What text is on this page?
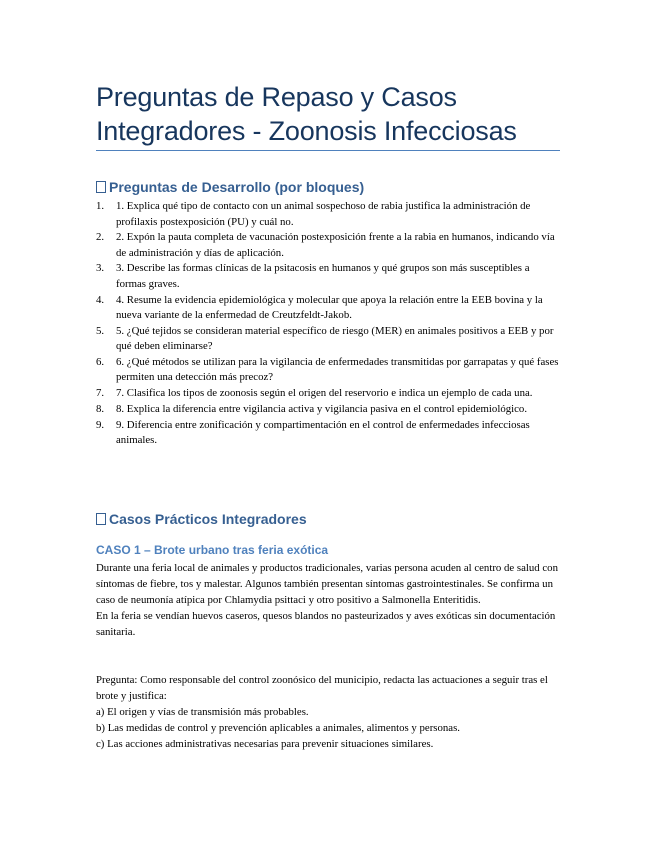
Preguntas de Repaso y Casos
Integradores - Zoonosis Infecciosas
Preguntas de Desarrollo (por bloques)
1. 1. Explica qué tipo de contacto con un animal sospechoso de rabia justifica la administración de profilaxis postexposición (PU) y cuál no.
2. 2. Expón la pauta completa de vacunación postexposición frente a la rabia en humanos, indicando vía de administración y días de aplicación.
3. 3. Describe las formas clínicas de la psitacosis en humanos y qué grupos son más susceptibles a formas graves.
4. 4. Resume la evidencia epidemiológica y molecular que apoya la relación entre la EEB bovina y la nueva variante de la enfermedad de Creutzfeldt-Jakob.
5. 5. ¿Qué tejidos se consideran material específico de riesgo (MER) en animales positivos a EEB y por qué deben eliminarse?
6. 6. ¿Qué métodos se utilizan para la vigilancia de enfermedades transmitidas por garrapatas y qué fases permiten una detección más precoz?
7. 7. Clasifica los tipos de zoonosis según el origen del reservorio e indica un ejemplo de cada una.
8. 8. Explica la diferencia entre vigilancia activa y vigilancia pasiva en el control epidemiológico.
9. 9. Diferencia entre zonificación y compartimentación en el control de enfermedades infecciosas animales.
Casos Prácticos Integradores
CASO 1 – Brote urbano tras feria exótica

Durante una feria local de animales y productos tradicionales, varias persona acuden al centro de salud con síntomas de fiebre, tos y malestar. Algunos también presentan síntomas gastrointestinales. Se confirma un caso de neumonía atípica por Chlamydia psittaci y otro positivo a Salmonella Enteritidis.
En la feria se vendían huevos caseros, quesos blandos no pasteurizados y aves exóticas sin documentación sanitaria.

Pregunta: Como responsable del control zoonósico del municipio, redacta las actuaciones a seguir tras el brote y justifica:
a) El origen y vías de transmisión más probables.
b) Las medidas de control y prevención aplicables a animales, alimentos y personas.
c) Las acciones administrativas necesarias para prevenir situaciones similares.
